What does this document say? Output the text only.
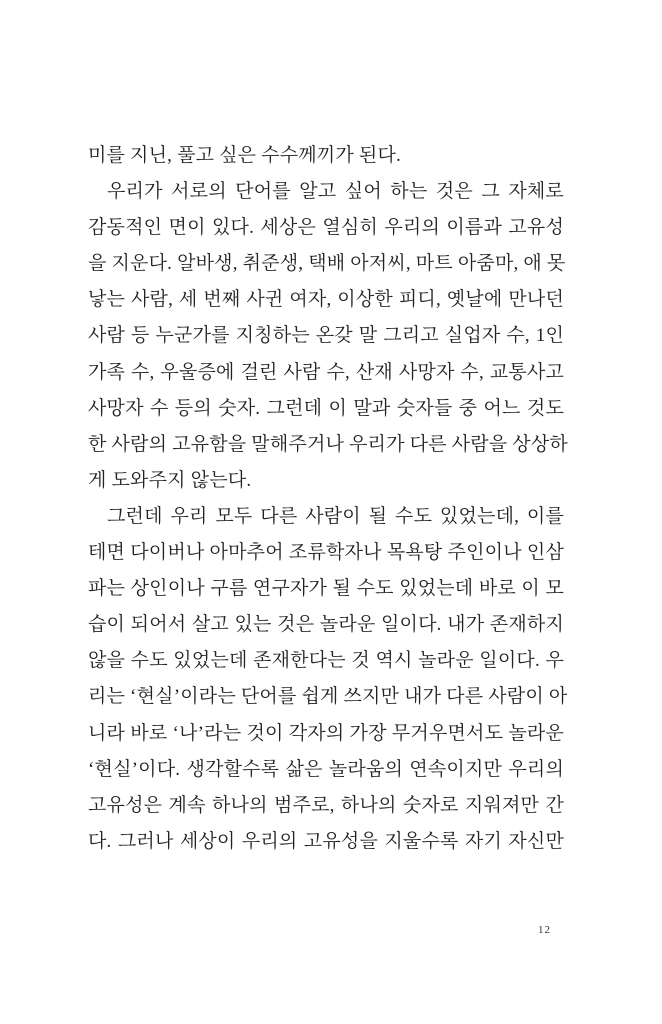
미를 지닌, 풀고 싶은 수수께끼가 된다.
우리가 서로의 단어를 알고 싶어 하는 것은 그 자체로
감동적인 면이 있다. 세상은 열심히 우리의 이름과 고유성
을 지운다. 알바생, 취준생, 택배 아저씨, 마트 아줌마, 애 못
낳는 사람, 세 번째 사귄 여자, 이상한 피디, 옛날에 만나던
사람 등 누군가를 지칭하는 온갖 말 그리고 실업자 수, 1인
가족 수, 우울증에 걸린 사람 수, 산재 사망자 수, 교통사고
사망자 수 등의 숫자. 그런데 이 말과 숫자들 중 어느 것도
한 사람의 고유함을 말해주거나 우리가 다른 사람을 상상하
게 도와주지 않는다.
그런데 우리 모두 다른 사람이 될 수도 있었는데, 이를
테면 다이버나 아마추어 조류학자나 목욕탕 주인이나 인삼
파는 상인이나 구름 연구자가 될 수도 있었는데 바로 이 모
습이 되어서 살고 있는 것은 놀라운 일이다. 내가 존재하지
않을 수도 있었는데 존재한다는 것 역시 놀라운 일이다. 우
리는 ‘현실’이라는 단어를 쉽게 쓰지만 내가 다른 사람이 아
니라 바로 ‘나’라는 것이 각자의 가장 무거우면서도 놀라운
‘현실’이다. 생각할수록 삶은 놀라움의 연속이지만 우리의
고유성은 계속 하나의 범주로, 하나의 숫자로 지워져만 간
다. 그러나 세상이 우리의 고유성을 지울수록 자기 자신만
12
